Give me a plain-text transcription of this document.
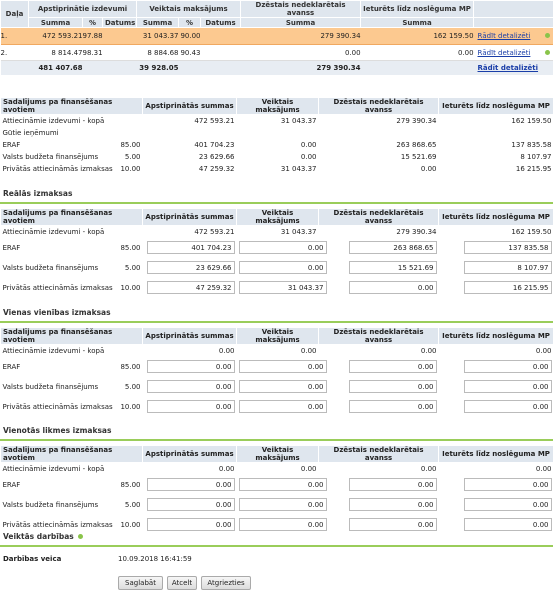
Daļa	Apstiprinātie izdevumi			Veiktais maksājums			Dzēstais nedeklarētais avanss	Ieturēts līdz noslēguma MP		
	Summa	%	Datums	Summa	%	Datums	Summa	Summa		
1.	472 593.21	97.88		31 043.37	90.00		279 390.34	162 159.50	Rādīt detalizēti	
2.	8 814.47	98.31		8 884.68	90.43		0.00	0.00	Rādīt detalizēti	
	481 407.68			39 928.05			279 390.34		Rādīt detalizēti	
Sadalījums pa finansēšanas avotiem		Apstiprinātās summas	Veiktais maksājums	Dzēstais nedeklarētais avanss	Ieturēts līdz noslēguma MP
Attiecināmie izdevumi - kopā		472 593.21	31 043.37	279 390.34	162 159.50
Gūtie ieņēmumi					
ERAF	85.00	401 704.23	0.00	263 868.65	137 835.58
Valsts budžeta finansējums	5.00	23 629.66	0.00	15 521.69	8 107.97
Privātās attiecināmās izmaksas	10.00	47 259.32	31 043.37	0.00	16 215.95
Reālās izmaksas
Sadalījums pa finansēšanas avotiem		Apstiprinātās summas	Veiktais maksājums	Dzēstais nedeklarētais avanss	Ieturēts līdz noslēguma MP
Attiecināmie izdevumi - kopā		472 593.21	31 043.37	279 390.34	162 159.50
ERAF	85.00	401 704.23	0.00	263 868.65	137 835.58
Valsts budžeta finansējums	5.00	23 629.66	0.00	15 521.69	8 107.97
Privātās attiecināmās izmaksas	10.00	47 259.32	31 043.37	0.00	16 215.95
Vienas vienības izmaksas
Sadalījums pa finansēšanas avotiem		Apstiprinātās summas	Veiktais maksājums	Dzēstais nedeklarētais avanss	Ieturēts līdz noslēguma MP
Attiecināmie izdevumi - kopā		0.00	0.00	0.00	0.00
ERAF	85.00	0.00	0.00	0.00	0.00
Valsts budžeta finansējums	5.00	0.00	0.00	0.00	0.00
Privātās attiecināmās izmaksas	10.00	0.00	0.00	0.00	0.00
Vienotās likmes izmaksas
Sadalījums pa finansēšanas avotiem		Apstiprinātās summas	Veiktais maksājums	Dzēstais nedeklarētais avanss	Ieturēts līdz noslēguma MP
Attiecināmie izdevumi - kopā		0.00	0.00	0.00	0.00
ERAF	85.00	0.00	0.00	0.00	0.00
Valsts budžeta finansējums	5.00	0.00	0.00	0.00	0.00
Privātās attiecināmās izmaksas	10.00	0.00	0.00	0.00	0.00
Veiktās darbības
Darbības veica	10.09.2018 16:41:59
Saglabāt	Atcelt	Atgriezties
